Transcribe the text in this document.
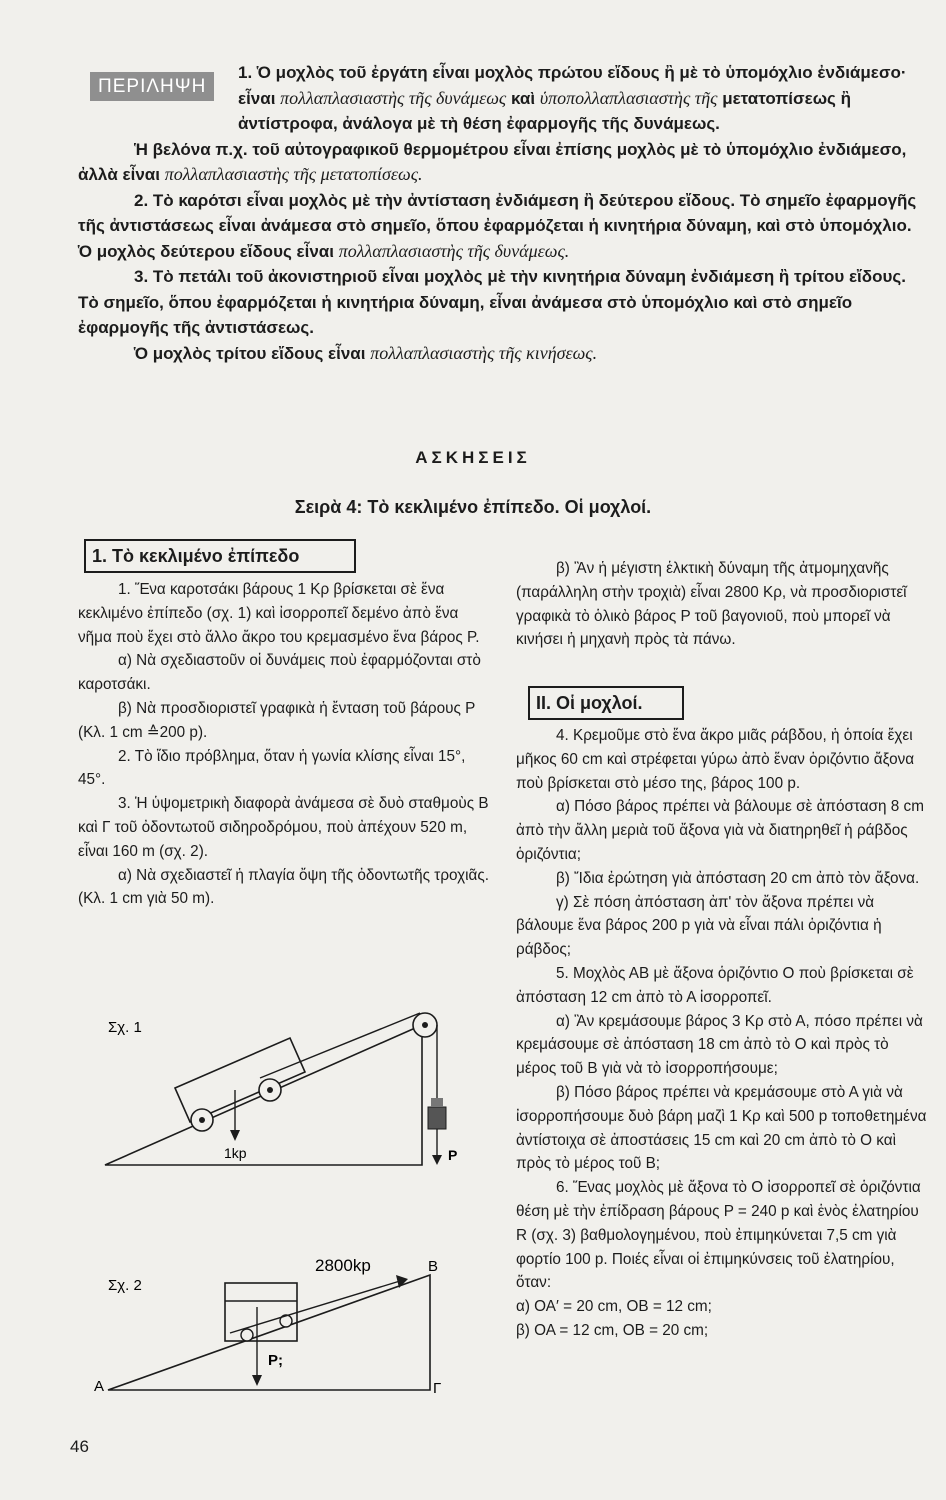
ΠΕΡΙΛΗΨΗ

1. Ὁ μοχλὸς τοῦ ἐργάτη εἶναι μοχλὸς πρώτου εἴδους ἢ μὲ τὸ ὑπομόχλιο ἐνδιάμεσο· εἶναι πολλαπλασιαστὴς τῆς δυνάμεως καὶ ὑποπολλαπλασιαστὴς τῆς μετατοπίσεως ἢ ἀντίστροφα, ἀνάλογα μὲ τὴ θέση ἐφαρμογῆς τῆς δυνάμεως.

Ἡ βελόνα π.χ. τοῦ αὐτογραφικοῦ θερμομέτρου εἶναι ἐπίσης μοχλὸς μὲ τὸ ὑπομόχλιο ἐνδιάμεσο, ἀλλὰ εἶναι πολλαπλασιαστὴς τῆς μετατοπίσεως.

2. Τὸ καρότσι εἶναι μοχλὸς μὲ τὴν ἀντίσταση ἐνδιάμεση ἢ δεύτερου εἴδους. Τὸ σημεῖο ἐφαρμογῆς τῆς ἀντιστάσεως εἶναι ἀνάμεσα στὸ σημεῖο, ὅπου ἐφαρμόζεται ἡ κινητήρια δύναμη, καὶ στὸ ὑπομόχλιο. Ὁ μοχλὸς δεύτερου εἴδους εἶναι πολλαπλασιαστὴς τῆς δυνάμεως.

3. Τὸ πετάλι τοῦ ἀκονιστηριοῦ εἶναι μοχλὸς μὲ τὴν κινητήρια δύναμη ἐνδιάμεση ἢ τρίτου εἴδους. Τὸ σημεῖο, ὅπου ἐφαρμόζεται ἡ κινητήρια δύναμη, εἶναι ἀνάμεσα στὸ ὑπομόχλιο καὶ στὸ σημεῖο ἐφαρμογῆς τῆς ἀντιστάσεως.

Ὁ μοχλὸς τρίτου εἴδους εἶναι πολλαπλασιαστὴς τῆς κινήσεως.

ΑΣΚΗΣΕΙΣ
Σειρὰ 4: Τὸ κεκλιμένο ἐπίπεδο. Οἱ μοχλοί.
1. Τὸ κεκλιμένο ἐπίπεδο

1. Ἕνα καροτσάκι βάρους 1 Κρ βρίσκεται σὲ ἕνα κεκλιμένο ἐπίπεδο (σχ. 1) καὶ ἰσορροπεῖ δεμένο ἀπὸ ἕνα νῆμα ποὺ ἔχει στὸ ἄλλο ἄκρο του κρεμασμένο ἕνα βάρος Ρ.

α) Νὰ σχεδιαστοῦν οἱ δυνάμεις ποὺ ἐφαρμόζονται στὸ καροτσάκι.

β) Νὰ προσδιοριστεῖ γραφικὰ ἡ ἔνταση τοῦ βάρους Ρ (Κλ. 1 cm ≙200 p).

2. Τὸ ἴδιο πρόβλημα, ὅταν ἡ γωνία κλίσης εἶναι 15°, 45°.

3. Ἡ ὑψομετρικὴ διαφορὰ ἀνάμεσα σὲ δυὸ σταθμοὺς Β καὶ Γ τοῦ ὀδοντωτοῦ σιδηροδρόμου, ποὺ ἀπέχουν 520 m, εἶναι 160 m (σχ. 2).

α) Νὰ σχεδιαστεῖ ἡ πλαγία ὄψη τῆς ὀδοντωτῆς τροχιᾶς. (Κλ. 1 cm γιὰ 50 m).

Σχ. 1
P
1kp
Σχ. 2
2800kp	Β
Α	Γ
P;

β) Ἂν ἡ μέγιστη ἑλκτικὴ δύναμη τῆς ἀτμομηχανῆς (παράλληλη στὴν τροχιὰ) εἶναι 2800 Κρ, νὰ προσδιοριστεῖ γραφικὰ τὸ ὁλικὸ βάρος Ρ τοῦ βαγονιοῦ, ποὺ μπορεῖ νὰ κινήσει ἡ μηχανὴ πρὸς τὰ πάνω.

ΙΙ. Οἱ μοχλοί.

4. Κρεμοῦμε στὸ ἕνα ἄκρο μιᾶς ράβδου, ἡ ὁποία ἔχει μῆκος 60 cm καὶ στρέφεται γύρω ἀπὸ ἕναν ὁριζόντιο ἄξονα ποὺ βρίσκεται στὸ μέσο της, βάρος 100 p.

α) Πόσο βάρος πρέπει νὰ βάλουμε σὲ ἀπόσταση 8 cm ἀπὸ τὴν ἄλλη μεριὰ τοῦ ἄξονα γιὰ νὰ διατηρηθεῖ ἡ ράβδος ὁριζόντια;

β) Ἴδια ἐρώτηση γιὰ ἀπόσταση 20 cm ἀπὸ τὸν ἄξονα.

γ) Σὲ πόση ἀπόσταση ἀπ' τὸν ἄξονα πρέπει νὰ βάλουμε ἕνα βάρος 200 p γιὰ νὰ εἶναι πάλι ὁριζόντια ἡ ράβδος;

5. Μοχλὸς ΑΒ μὲ ἄξονα ὁριζόντιο Ο ποὺ βρίσκεται σὲ ἀπόσταση 12 cm ἀπὸ τὸ Α ἰσορροπεῖ.

α) Ἂν κρεμάσουμε βάρος 3 Κρ στὸ Α, πόσο πρέπει νὰ κρεμάσουμε σὲ ἀπόσταση 18 cm ἀπὸ τὸ Ο καὶ πρὸς τὸ μέρος τοῦ Β γιὰ νὰ τὸ ἰσορροπήσουμε;

β) Πόσο βάρος πρέπει νὰ κρεμάσουμε στὸ Α γιὰ νὰ ἰσορροπήσουμε δυὸ βάρη μαζὶ 1 Κρ καὶ 500 p τοποθετημένα ἀντίστοιχα σὲ ἀποστάσεις 15 cm καὶ 20 cm ἀπὸ τὸ Ο καὶ πρὸς τὸ μέρος τοῦ Β;

6. Ἕνας μοχλὸς μὲ ἄξονα τὸ Ο ἰσορροπεῖ σὲ ὁριζόντια θέση μὲ τὴν ἐπίδραση βάρους P = 240 p καὶ ἑνὸς ἐλατηρίου R (σχ. 3) βαθμολογημένου, ποὺ ἐπιμηκύνεται 7,5 cm γιὰ φορτίο 100 p. Ποιές εἶναι οἱ ἐπιμηκύνσεις τοῦ ἐλατηρίου, ὅταν:

α) ΟΑ′ = 20 cm, ΟΒ = 12 cm;

β) ΟΑ = 12 cm, ΟΒ = 20 cm;

46
